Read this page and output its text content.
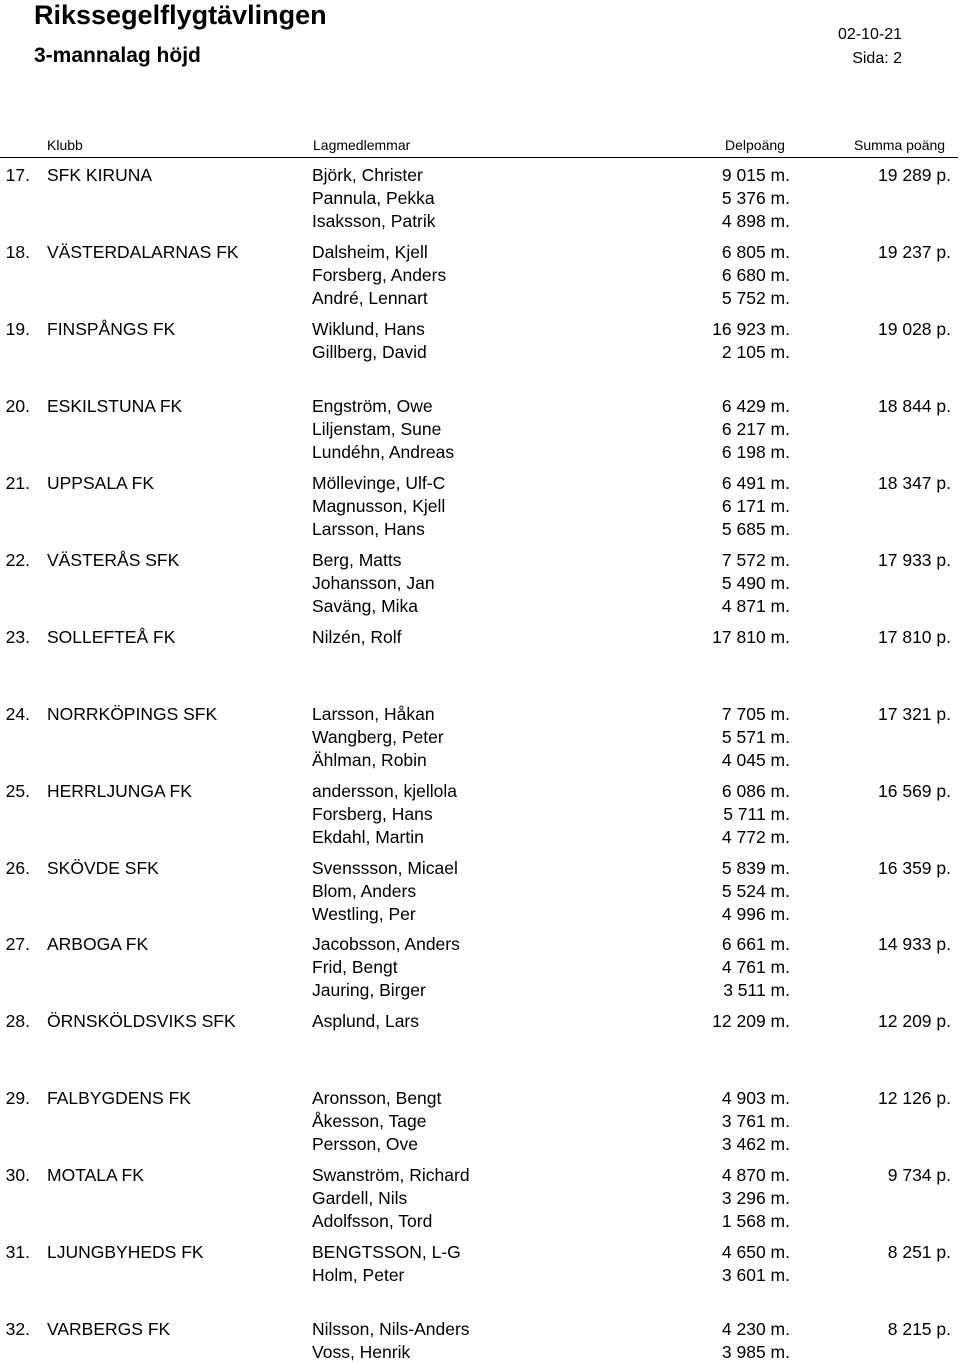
Rikssegelflygtävlingen
3-mannalag höjd
02-10-21
Sida: 2
Klubb	Lagmedlemmar	Delpoäng	Summa poäng
17. SFK KIRUNA	Björk, Christer	9 015 m.	19 289 p.
Pannula, Pekka	5 376 m.
Isaksson, Patrik	4 898 m.
18. VÄSTERDALARNAS FK	Dalsheim, Kjell	6 805 m.	19 237 p.
Forsberg, Anders	6 680 m.
André, Lennart	5 752 m.
19. FINSPÅNGS FK	Wiklund, Hans	16 923 m.	19 028 p.
Gillberg, David	2 105 m.
20. ESKILSTUNA FK	Engström, Owe	6 429 m.	18 844 p.
Liljenstam, Sune	6 217 m.
Lundéhn, Andreas	6 198 m.
21. UPPSALA FK	Möllevinge, Ulf-C	6 491 m.	18 347 p.
Magnusson, Kjell	6 171 m.
Larsson, Hans	5 685 m.
22. VÄSTERÅS SFK	Berg, Matts	7 572 m.	17 933 p.
Johansson, Jan	5 490 m.
Saväng, Mika	4 871 m.
23. SOLLEFTEÅ FK	Nilzén, Rolf	17 810 m.	17 810 p.
24. NORRKÖPINGS SFK	Larsson, Håkan	7 705 m.	17 321 p.
Wangberg, Peter	5 571 m.
Ählman, Robin	4 045 m.
25. HERRLJUNGA FK	andersson, kjellola	6 086 m.	16 569 p.
Forsberg, Hans	5 711 m.
Ekdahl, Martin	4 772 m.
26. SKÖVDE SFK	Svenssson, Micael	5 839 m.	16 359 p.
Blom, Anders	5 524 m.
Westling, Per	4 996 m.
27. ARBOGA FK	Jacobsson, Anders	6 661 m.	14 933 p.
Frid, Bengt	4 761 m.
Jauring, Birger	3 511 m.
28. ÖRNSKÖLDSVIKS SFK	Asplund, Lars	12 209 m.	12 209 p.
29. FALBYGDENS FK	Aronsson, Bengt	4 903 m.	12 126 p.
Åkesson, Tage	3 761 m.
Persson, Ove	3 462 m.
30. MOTALA FK	Swanström, Richard	4 870 m.	9 734 p.
Gardell, Nils	3 296 m.
Adolfsson, Tord	1 568 m.
31. LJUNGBYHEDS FK	BENGTSSON, L-G	4 650 m.	8 251 p.
Holm, Peter	3 601 m.
32. VARBERGS FK	Nilsson, Nils-Anders	4 230 m.	8 215 p.
Voss, Henrik	3 985 m.
